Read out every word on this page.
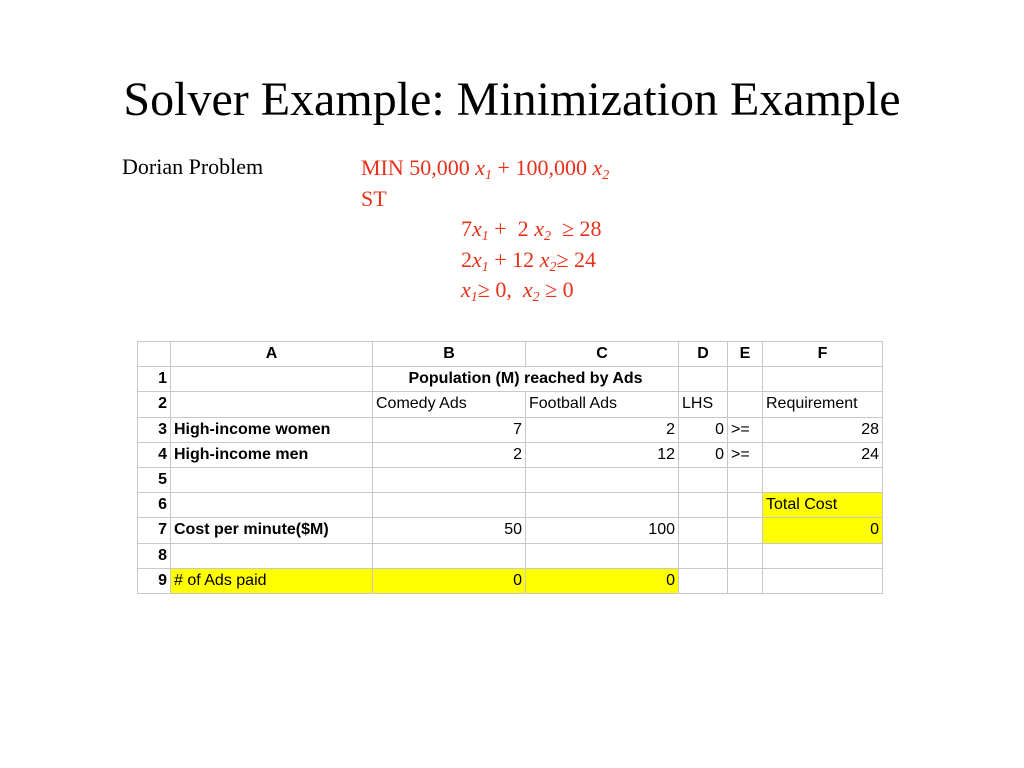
Solver Example: Minimization Example
Dorian Problem	MIN 50,000 $x_1 + 100,000$ $x_2$
ST
$7x_1 + 2$ $x_2 \ge 28$
$2x_1 + 12$ $x_2\ge 24$
$x_1\ge 0$,  $x_2 \ge 0$
	A	B	C	D	E	F
1		Population (M) reached by Ads				
2		Comedy Ads	Football Ads	LHS		Requirement
3	High-income women	7	2	0	>=	28
4	High-income men	2	12	0	>=	24
5						
6						Total Cost
7	Cost per minute($M)	50	100			0
8						
9	# of Ads paid	0	0			
